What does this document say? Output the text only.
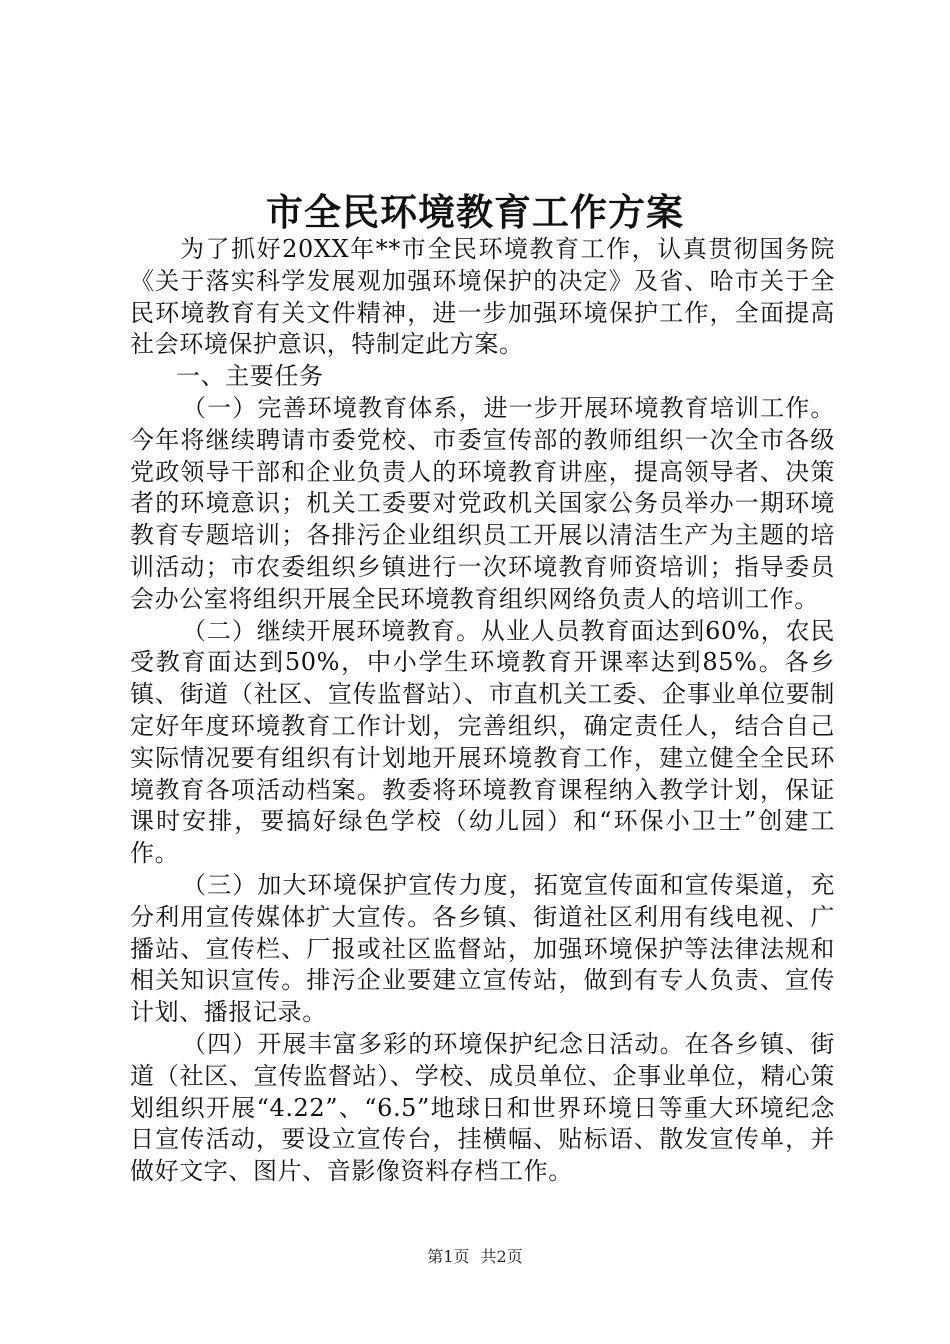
市全民环境教育工作方案

为了抓好20XX年**市全民环境教育工作，认真贯彻国务院《关于落实科学发展观加强环境保护的决定》及省、哈市关于全民环境教育有关文件精神，进一步加强环境保护工作，全面提高社会环境保护意识，特制定此方案。

一、主要任务

（一）完善环境教育体系，进一步开展环境教育培训工作。今年将继续聘请市委党校、市委宣传部的教师组织一次全市各级党政领导干部和企业负责人的环境教育讲座，提高领导者、决策者的环境意识；机关工委要对党政机关国家公务员举办一期环境教育专题培训；各排污企业组织员工开展以清洁生产为主题的培训活动；市农委组织乡镇进行一次环境教育师资培训；指导委员会办公室将组织开展全民环境教育组织网络负责人的培训工作。

（二）继续开展环境教育。从业人员教育面达到60%，农民受教育面达到50%，中小学生环境教育开课率达到85%。各乡镇、街道（社区、宣传监督站）、市直机关工委、企事业单位要制定好年度环境教育工作计划，完善组织，确定责任人，结合自己实际情况要有组织有计划地开展环境教育工作，建立健全全民环境教育各项活动档案。教委将环境教育课程纳入教学计划，保证课时安排，要搞好绿色学校（幼儿园）和“环保小卫士”创建工作。

（三）加大环境保护宣传力度，拓宽宣传面和宣传渠道，充分利用宣传媒体扩大宣传。各乡镇、街道社区利用有线电视、广播站、宣传栏、厂报或社区监督站，加强环境保护等法律法规和相关知识宣传。排污企业要建立宣传站，做到有专人负责、宣传计划、播报记录。

（四）开展丰富多彩的环境保护纪念日活动。在各乡镇、街道（社区、宣传监督站）、学校、成员单位、企事业单位，精心策划组织开展“4.22”、“6.5”地球日和世界环境日等重大环境纪念日宣传活动，要设立宣传台，挂横幅、贴标语、散发宣传单，并做好文字、图片、音影像资料存档工作。

第1页 共2页
